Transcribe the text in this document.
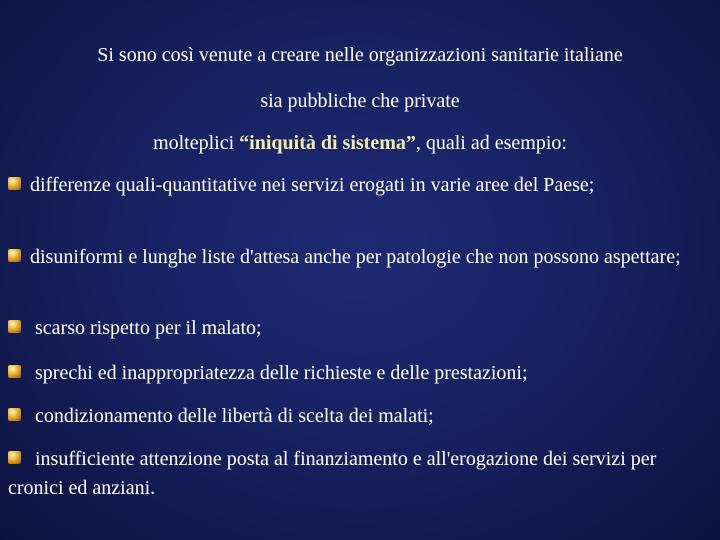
Si sono così venute a creare nelle organizzazioni sanitarie italiane
sia pubbliche che private
molteplici “iniquità di sistema”, quali ad esempio:
differenze quali-quantitative nei servizi erogati in varie aree del Paese;
disuniformi e lunghe liste d'attesa anche per patologie che non possono aspettare;
scarso rispetto per il malato;
sprechi ed inappropriatezza delle richieste e delle prestazioni;
condizionamento delle libertà di scelta dei malati;
insufficiente attenzione posta al finanziamento e all'erogazione dei servizi per cronici ed anziani.
